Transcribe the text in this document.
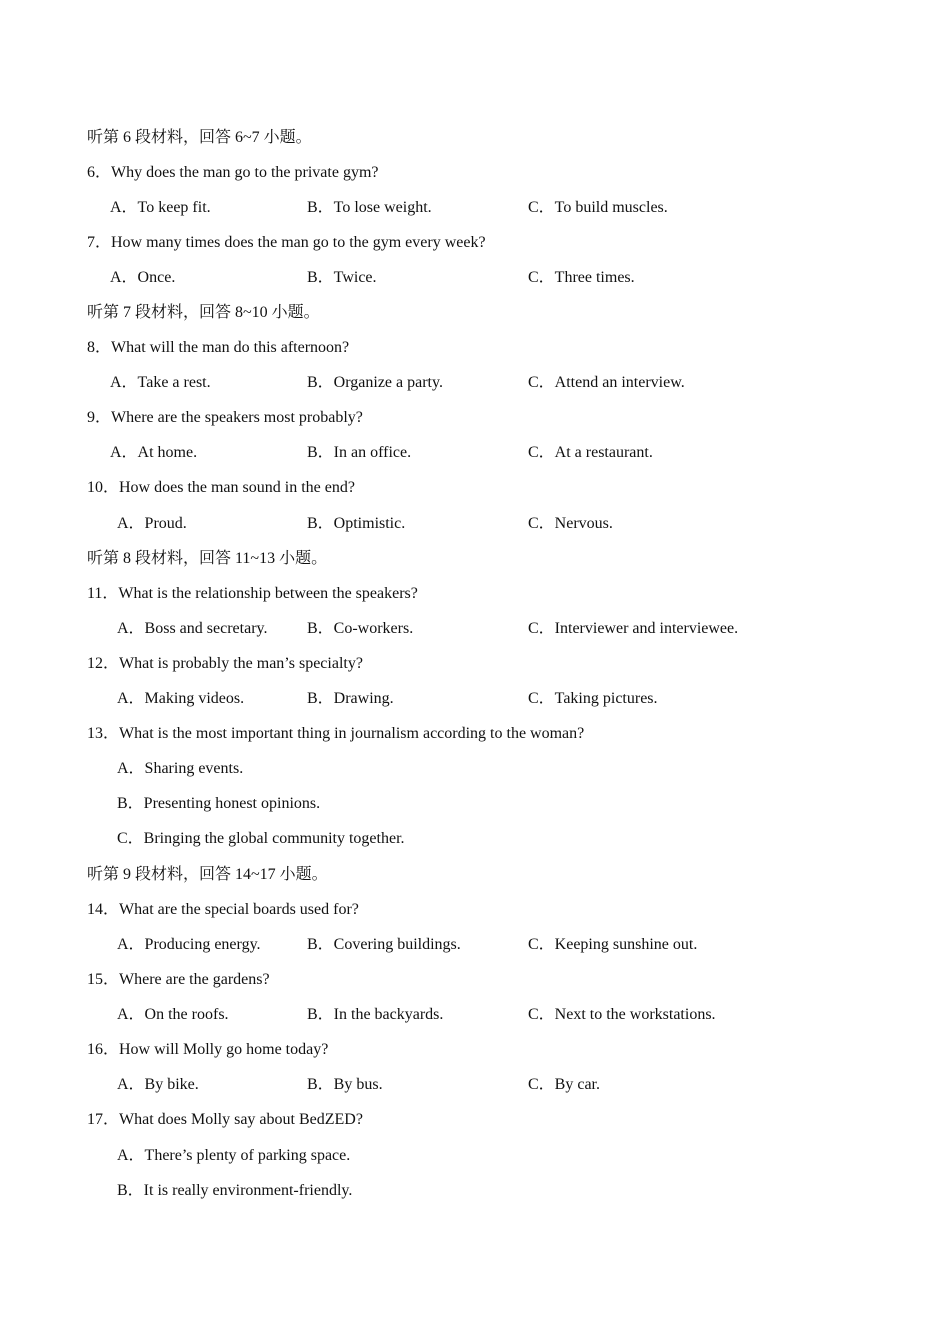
听第 6 段材料，回答 6~7 小题。
6．Why does the man go to the private gym?
A．To keep fit.	B．To lose weight.	C．To build muscles.
7．How many times does the man go to the gym every week?
A．Once.	B．Twice.	C．Three times.
听第 7 段材料，回答 8~10 小题。
8．What will the man do this afternoon?
A．Take a rest.	B．Organize a party.	C．Attend an interview.
9．Where are the speakers most probably?
A．At home.	B．In an office.	C．At a restaurant.
10．How does the man sound in the end?
A．Proud.	B．Optimistic.	C．Nervous.
听第 8 段材料，回答 11~13 小题。
11．What is the relationship between the speakers?
A．Boss and secretary. B．Co-workers.	C．Interviewer and interviewee.
12．What is probably the man’s specialty?
A．Making videos.	B．Drawing.	C．Taking pictures.
13．What is the most important thing in journalism according to the woman?
A．Sharing events.
B．Presenting honest opinions.
C．Bringing the global community together.
听第 9 段材料，回答 14~17 小题。
14．What are the special boards used for?
A．Producing energy.	B．Covering buildings.	C．Keeping sunshine out.
15．Where are the gardens?
A．On the roofs.	B．In the backyards.	C．Next to the workstations.
16．How will Molly go home today?
A．By bike.	B．By bus.	C．By car.
17．What does Molly say about BedZED?
A．There’s plenty of parking space.
B．It is really environment-friendly.
